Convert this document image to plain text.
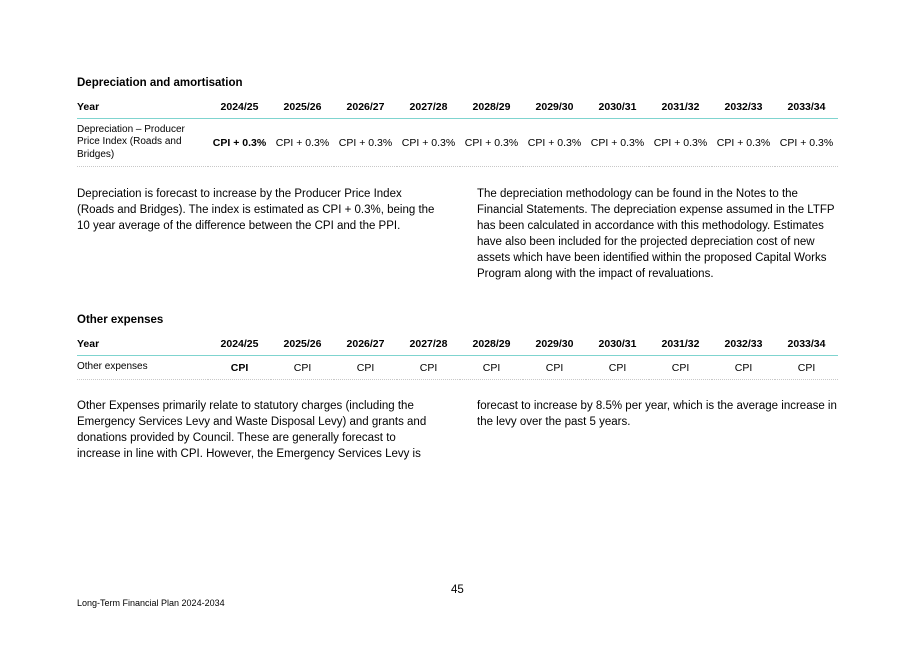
Depreciation and amortisation
Year	2024/25	2025/26	2026/27	2027/28	2028/29	2029/30	2030/31	2031/32	2032/33	2033/34
Depreciation – Producer Price Index (Roads and Bridges)	CPI + 0.3%	CPI + 0.3%	CPI + 0.3%	CPI + 0.3%	CPI + 0.3%	CPI + 0.3%	CPI + 0.3%	CPI + 0.3%	CPI + 0.3%	CPI + 0.3%
Depreciation is forecast to increase by the Producer Price Index (Roads and Bridges). The index is estimated as CPI + 0.3%, being the 10 year average of the difference between the CPI and the PPI.
The depreciation methodology can be found in the Notes to the Financial Statements. The depreciation expense assumed in the LTFP has been calculated in accordance with this methodology. Estimates have also been included for the projected depreciation cost of new assets which have been identified within the proposed Capital Works Program along with the impact of revaluations.
Other expenses
Year	2024/25	2025/26	2026/27	2027/28	2028/29	2029/30	2030/31	2031/32	2032/33	2033/34
Other expenses	CPI	CPI	CPI	CPI	CPI	CPI	CPI	CPI	CPI	CPI
Other Expenses primarily relate to statutory charges (including the Emergency Services Levy and Waste Disposal Levy) and grants and donations provided by Council. These are generally forecast to increase in line with CPI. However, the Emergency Services Levy is
forecast to increase by 8.5% per year, which is the average increase in the levy over the past 5 years.
45
Long-Term Financial Plan 2024-2034
